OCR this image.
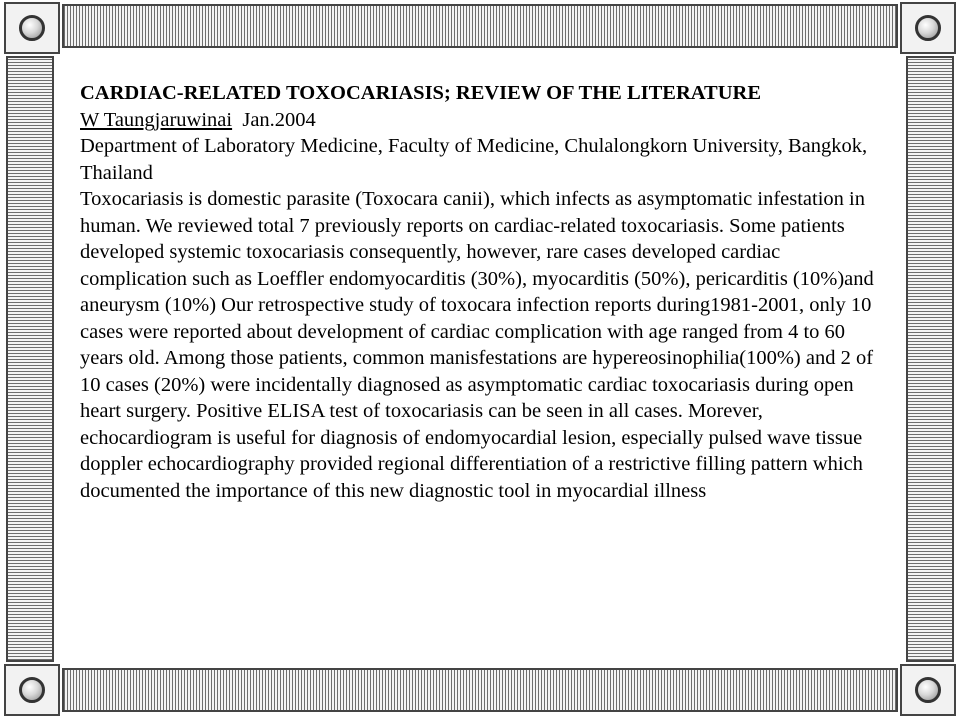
CARDIAC-RELATED TOXOCARIASIS; REVIEW OF THE LITERATURE

W Taungjaruwinai Jan.2004

Department of Laboratory Medicine, Faculty of Medicine, Chulalongkorn University, Bangkok, Thailand

Toxocariasis is domestic parasite (Toxocara canii), which infects as asymptomatic infestation in human. We reviewed total 7 previously reports on cardiac-related toxocariasis. Some patients developed systemic toxocariasis consequently, however, rare cases developed cardiac complication such as Loeffler endomyocarditis (30%), myocarditis (50%), pericarditis (10%)and aneurysm (10%) Our retrospective study of toxocara infection reports during1981-2001, only 10 cases were reported about development of cardiac complication with age ranged from 4 to 60 years old. Among those patients, common manisfestations are hypereosinophilia(100%) and 2 of 10 cases (20%) were incidentally diagnosed as asymptomatic cardiac toxocariasis during open heart surgery. Positive ELISA test of toxocariasis can be seen in all cases. Morever, echocardiogram is useful for diagnosis of endomyocardial lesion, especially pulsed wave tissue doppler echocardiography provided regional differentiation of a restrictive filling pattern which documented the importance of this new diagnostic tool in myocardial illness
